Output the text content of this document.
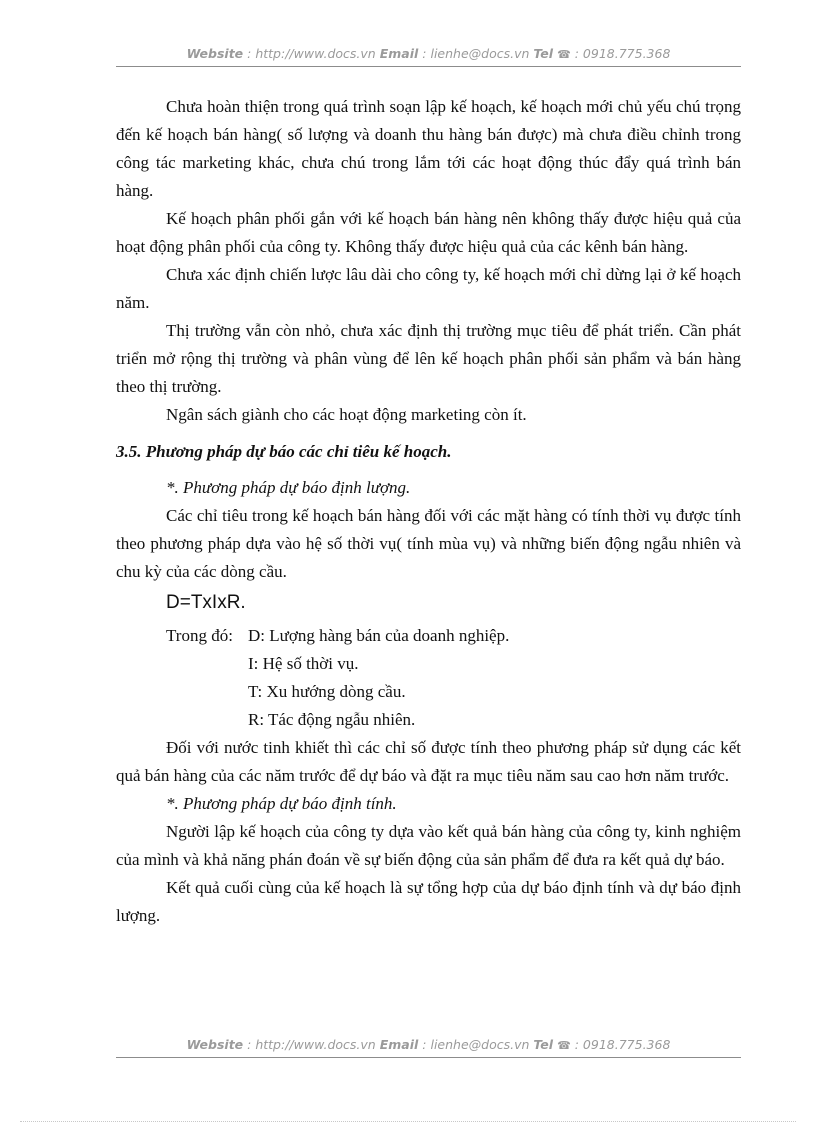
Website : http://www.docs.vn Email : lienhe@docs.vn Tel ☎ : 0918.775.368

Chưa hoàn thiện trong quá trình soạn lập kế hoạch, kế hoạch mới chủ yếu chú trọng đến kế hoạch bán hàng( số lượng và doanh thu hàng bán được) mà chưa điều chỉnh trong công tác marketing khác, chưa chú trong lắm tới các hoạt động thúc đẩy quá trình bán hàng.

Kế hoạch phân phối gắn với kế hoạch bán hàng nên không thấy được hiệu quả của hoạt động phân phối của công ty. Không thấy được hiệu quả của các kênh bán hàng.

Chưa xác định chiến lược lâu dài cho công ty, kế hoạch mới chỉ dừng lại ở kế hoạch năm.

Thị trường vẫn còn nhỏ, chưa xác định thị trường mục tiêu để phát triển. Cần phát triển mở rộng thị trường và phân vùng để lên kế hoạch phân phối sản phẩm và bán hàng theo thị trường.

Ngân sách giành cho các hoạt động marketing còn ít.

3.5. Phương pháp dự báo các chỉ tiêu kế hoạch.

*. Phương pháp dự báo định lượng.

Các chỉ tiêu trong kế hoạch bán hàng đối với các mặt hàng có tính thời vụ được tính theo phương pháp dựa vào hệ số thời vụ( tính mùa vụ) và những biến động ngẫu nhiên và chu kỳ của các dòng cầu.

D=TxIxR.
Trong đó: D: Lượng hàng bán của doanh nghiệp.
I: Hệ số thời vụ.
T: Xu hướng dòng cầu.
R: Tác động ngẫu nhiên.

Đối với nước tinh khiết thì các chỉ số được tính theo phương pháp sử dụng các kết quả bán hàng của các năm trước để dự báo và đặt ra mục tiêu năm sau cao hơn năm trước.

*. Phương pháp dự báo định tính.

Người lập kế hoạch của công ty dựa vào kết quả bán hàng của công ty, kinh nghiệm của mình và khả năng phán đoán về sự biến động của sản phẩm để đưa ra kết quả dự báo.

Kết quả cuối cùng của kế hoạch là sự tổng hợp của dự báo định tính và dự báo định lượng.

Website : http://www.docs.vn Email : lienhe@docs.vn Tel ☎ : 0918.775.368
